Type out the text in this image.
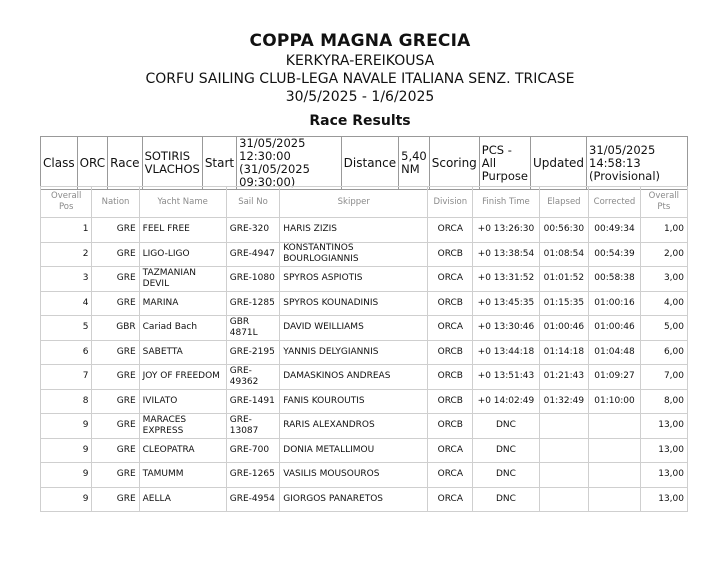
COPPA MAGNA GRECIA

KERKYRA-EREIKOUSA

CORFU SAILING CLUB-LEGA NAVALE ITALIANA SENZ. TRICASE

30/5/2025 - 1/6/2025

Race Results
Class	ORC	Race	SOTIRIS VLACHOS	Start	31/05/2025 12:30:00 (31/05/2025 09:30:00)	Distance	5,40 NM	Scoring	PCS - All Purpose	Updated	31/05/2025 14:58:13 (Provisional)
Overall Pos	Nation	Yacht Name	Sail No	Skipper	Division	Finish Time	Elapsed	Corrected	Overall Pts
1	GRE	FEEL FREE	GRE-320	HARIS ZIZIS	ORCA	+0 13:26:30	00:56:30	00:49:34	1,00
2	GRE	LIGO-LIGO	GRE-4947	KONSTANTINOS BOURLOGIANNIS	ORCB	+0 13:38:54	01:08:54	00:54:39	2,00
3	GRE	TAZMANIAN DEVIL	GRE-1080	SPYROS ASPIOTIS	ORCA	+0 13:31:52	01:01:52	00:58:38	3,00
4	GRE	MARINA	GRE-1285	SPYROS KOUNADINIS	ORCB	+0 13:45:35	01:15:35	01:00:16	4,00
5	GBR	Cariad Bach	GBR 4871L	DAVID WEILLIAMS	ORCA	+0 13:30:46	01:00:46	01:00:46	5,00
6	GRE	SABETTA	GRE-2195	YANNIS DELYGIANNIS	ORCB	+0 13:44:18	01:14:18	01:04:48	6,00
7	GRE	JOY OF FREEDOM	GRE-49362	DAMASKINOS ANDREAS	ORCB	+0 13:51:43	01:21:43	01:09:27	7,00
8	GRE	IVILATO	GRE-1491	FANIS KOUROUTIS	ORCB	+0 14:02:49	01:32:49	01:10:00	8,00
9	GRE	MARACES EXPRESS	GRE-13087	RARIS ALEXANDROS	ORCB	DNC			13,00
9	GRE	CLEOPATRA	GRE-700	DONIA METALLIMOU	ORCA	DNC			13,00
9	GRE	TAMUMM	GRE-1265	VASILIS MOUSOUROS	ORCA	DNC			13,00
9	GRE	AELLA	GRE-4954	GIORGOS PANARETOS	ORCA	DNC			13,00
